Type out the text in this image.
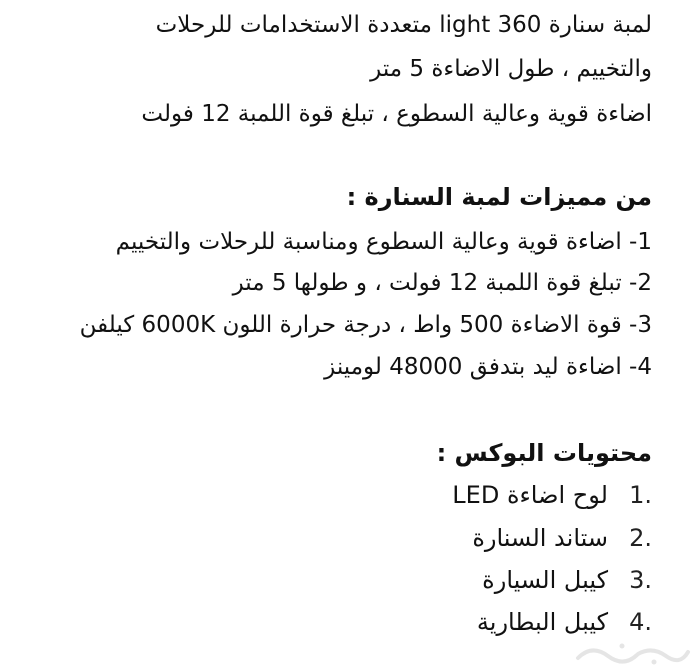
لمبة سنارة light 360 متعددة الاستخدامات للرحلات
والتخييم ، طول الاضاءة 5 متر
اضاءة قوية وعالية السطوع ، تبلغ قوة اللمبة 12 فولت
من مميزات لمبة السنارة :
1- اضاءة قوية وعالية السطوع ومناسبة للرحلات والتخييم
2- تبلغ قوة اللمبة 12 فولت ، و طولها 5 متر
3- قوة الاضاءة 500 واط ، درجة حرارة اللون 6000K كيلفن
4- اضاءة ليد بتدفق 48000 لومينز
محتويات البوكس :
.1
لوح اضاءة LED
.2
ستاند السنارة
.3
كيبل السيارة
.4
كيبل البطارية
